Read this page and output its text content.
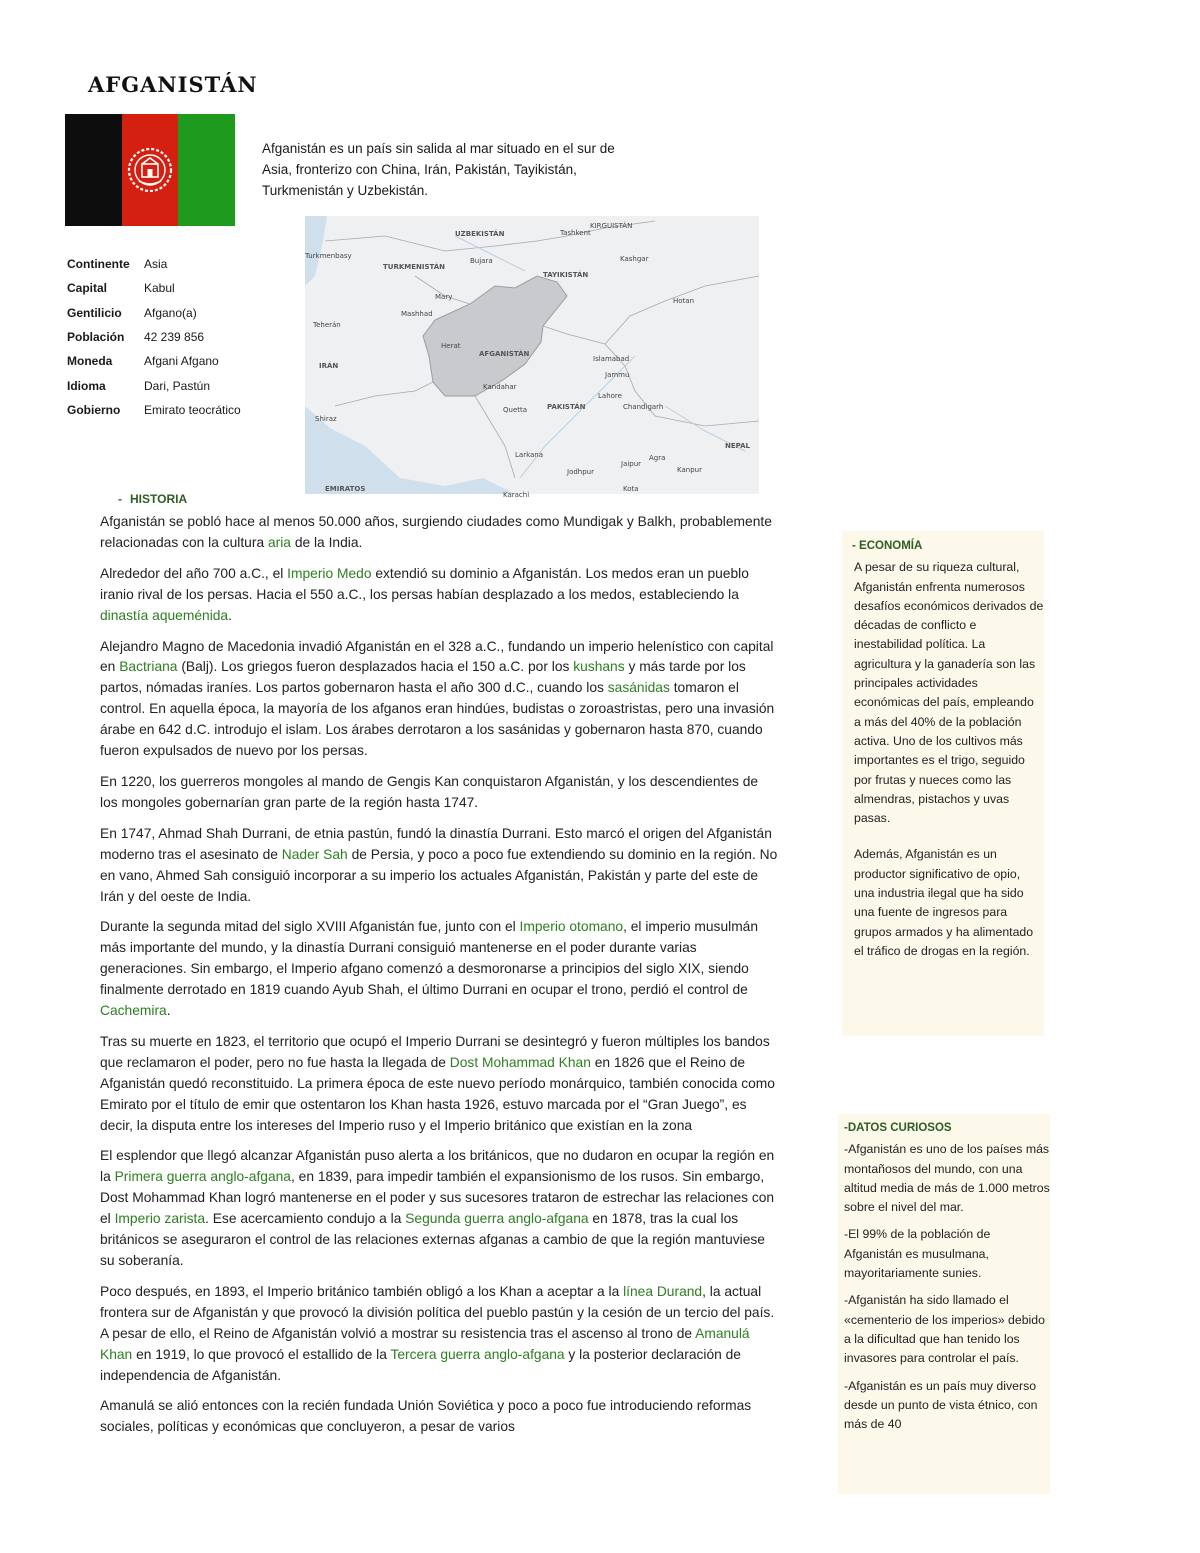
AFGANISTÁN

Afganistán es un país sin salida al mar situado en el sur de Asia, fronterizo con China, Irán, Pakistán, Tayikistán, Turkmenistán y Uzbekistán.

Continente	Asia
Capital	Kabul
Gentilicio	Afgano(a)
Población	42 239 856
Moneda	Afgani Afgano
Idioma	Dari, Pastún
Gobierno	Emirato teocrático
UZBEKISTÁN
KIRGUISTÁN
TURKMENISTÁN
TAYIKISTÁN
Turkmenbasy
Bujara
Tashkent
Kashgar
Mary
Mashhad
Teherán
IRÁN
AFGANISTÁN
Herat
Kandahar
Quetta	PAKISTÁN
Islamabad
Lahore
Chandigarh
Jammu
Shiraz
Larkana
Jodhpur
Jaipur
Kanpur
Agra
NEPAL
Kota
Karachi
EMIRATOS
Hotan
- HISTORIA

Afganistán se pobló hace al menos 50.000 años, surgiendo ciudades como Mundigak y Balkh, probablemente relacionadas con la cultura aria de la India.

Alrededor del año 700 a.C., el Imperio Medo extendió su dominio a Afganistán. Los medos eran un pueblo iranio rival de los persas. Hacia el 550 a.C., los persas habían desplazado a los medos, estableciendo la dinastía aqueménida.

Alejandro Magno de Macedonia invadió Afganistán en el 328 a.C., fundando un imperio helenístico con capital en Bactriana (Balj). Los griegos fueron desplazados hacia el 150 a.C. por los kushans y más tarde por los partos, nómadas iraníes. Los partos gobernaron hasta el año 300 d.C., cuando los sasánidas tomaron el control. En aquella época, la mayoría de los afganos eran hindúes, budistas o zoroastristas, pero una invasión árabe en 642 d.C. introdujo el islam. Los árabes derrotaron a los sasánidas y gobernaron hasta 870, cuando fueron expulsados de nuevo por los persas.

En 1220, los guerreros mongoles al mando de Gengis Kan conquistaron Afganistán, y los descendientes de los mongoles gobernarían gran parte de la región hasta 1747.

En 1747, Ahmad Shah Durrani, de etnia pastún, fundó la dinastía Durrani. Esto marcó el origen del Afganistán moderno tras el asesinato de Nader Sah de Persia, y poco a poco fue extendiendo su dominio en la región. No en vano, Ahmed Sah consiguió incorporar a su imperio los actuales Afganistán, Pakistán y parte del este de Irán y del oeste de India.

Durante la segunda mitad del siglo XVIII Afganistán fue, junto con el Imperio otomano, el imperio musulmán más importante del mundo, y la dinastía Durrani consiguió mantenerse en el poder durante varias generaciones. Sin embargo, el Imperio afgano comenzó a desmoronarse a principios del siglo XIX, siendo finalmente derrotado en 1819 cuando Ayub Shah, el último Durrani en ocupar el trono, perdió el control de Cachemira.

Tras su muerte en 1823, el territorio que ocupó el Imperio Durrani se desintegró y fueron múltiples los bandos que reclamaron el poder, pero no fue hasta la llegada de Dost Mohammad Khan en 1826 que el Reino de Afganistán quedó reconstituido. La primera época de este nuevo período monárquico, también conocida como Emirato por el título de emir que ostentaron los Khan hasta 1926, estuvo marcada por el “Gran Juego”, es decir, la disputa entre los intereses del Imperio ruso y el Imperio británico que existían en la zona

El esplendor que llegó alcanzar Afganistán puso alerta a los británicos, que no dudaron en ocupar la región en la Primera guerra anglo-afgana, en 1839, para impedir también el expansionismo de los rusos. Sin embargo, Dost Mohammad Khan logró mantenerse en el poder y sus sucesores trataron de estrechar las relaciones con el Imperio zarista. Ese acercamiento condujo a la Segunda guerra anglo-afgana en 1878, tras la cual los británicos se aseguraron el control de las relaciones externas afganas a cambio de que la región mantuviese su soberanía.

Poco después, en 1893, el Imperio británico también obligó a los Khan a aceptar a la línea Durand, la actual frontera sur de Afganistán y que provocó la división política del pueblo pastún y la cesión de un tercio del país. A pesar de ello, el Reino de Afganistán volvió a mostrar su resistencia tras el ascenso al trono de Amanulá Khan en 1919, lo que provocó el estallido de la Tercera guerra anglo-afgana y la posterior declaración de independencia de Afganistán.

Amanulá se alió entonces con la recién fundada Unión Soviética y poco a poco fue introduciendo reformas sociales, políticas y económicas que concluyeron, a pesar de varios

- ECONOMÍA

A pesar de su riqueza cultural, Afganistán enfrenta numerosos desafíos económicos derivados de décadas de conflicto e inestabilidad política. La agricultura y la ganadería son las principales actividades económicas del país, empleando a más del 40% de la población activa. Uno de los cultivos más importantes es el trigo, seguido por frutas y nueces como las almendras, pistachos y uvas pasas.

Además, Afganistán es un productor significativo de opio, una industria ilegal que ha sido una fuente de ingresos para grupos armados y ha alimentado el tráfico de drogas en la región.

-DATOS CURIOSOS

-Afganistán es uno de los países más montañosos del mundo, con una altitud media de más de 1.000 metros sobre el nivel del mar.

-El 99% de la población de Afganistán es musulmana, mayoritariamente sunies.

-Afganistán ha sido llamado el «cementerio de los imperios» debido a la dificultad que han tenido los invasores para controlar el país.

-Afganistán es un país muy diverso desde un punto de vista étnico, con más de 40
